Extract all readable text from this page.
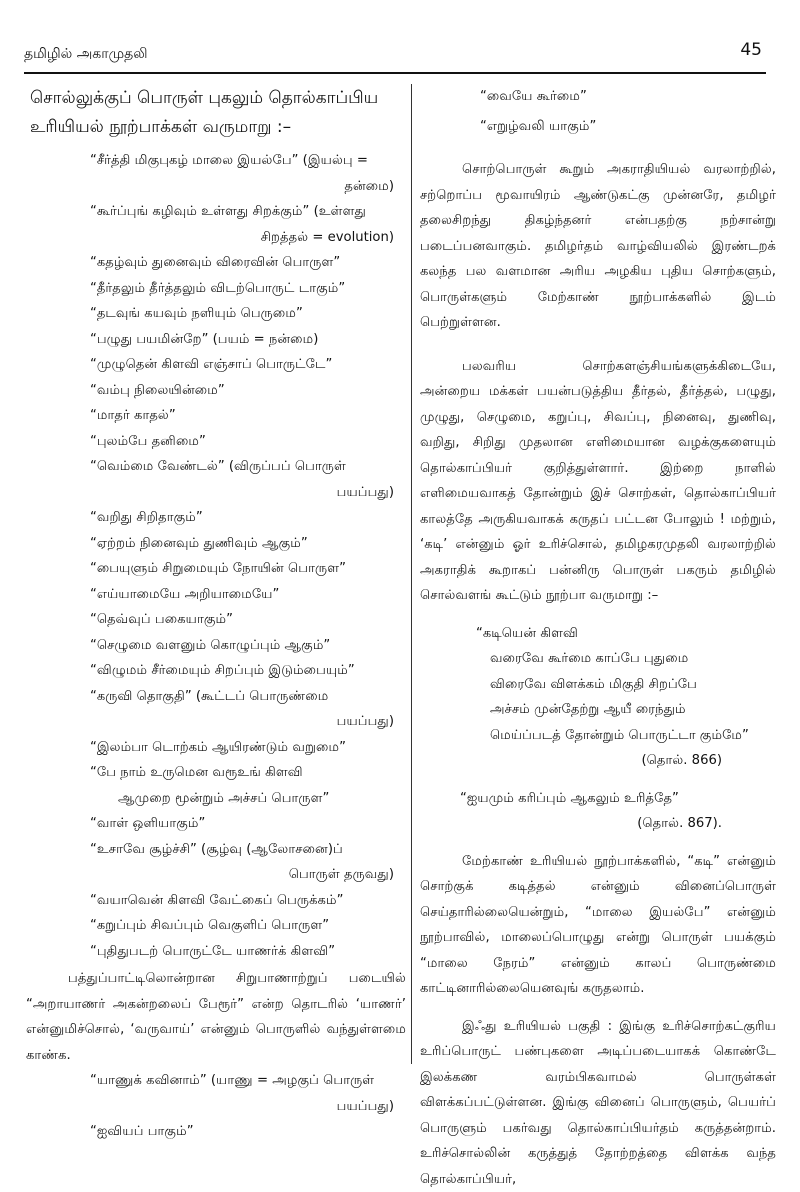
தமிழில் அகாமுதலி	45
சொல்லுக்குப் பொருள் புகலும் தொல்காப்பிய
உரியியல் நூற்பாக்கள் வருமாறு :–
“சீர்த்தி மிகுபுகழ் மாலை இயல்பே” (இயல்பு =
தன்மை)
“கூர்ப்புங் கழிவும் உள்ளது சிறக்கும்” (உள்ளது
சிறத்தல் = evolution)
“கதழ்வும் துனைவும் விரைவின் பொருள”
“தீர்தலும் தீர்த்தலும் விடற்பொருட் டாகும்”
“தடவுங் கயவும் நளியும் பெருமை”
“பழுது பயமின்றே” (பயம் = நன்மை)
“முழுதென் கிளவி எஞ்சாப் பொருட்டே”
“வம்பு நிலையின்மை”
“மாதர் காதல்”
“புலம்பே தனிமை”
“வெம்மை வேண்டல்” (விருப்பப் பொருள்
பயப்பது)
“வறிது சிறிதாகும்”
“ஏற்றம் நினைவும் துணிவும் ஆகும்”
“பையுளும் சிறுமையும் நோயின் பொருள”
“எய்யாமையே அறியாமையே”
“தெவ்வுப் பகையாகும்”
“செழுமை வளனும் கொழுப்பும் ஆகும்”
“விழுமம் சீர்மையும் சிறப்பும் இடும்பையும்”
“கருவி தொகுதி” (கூட்டப் பொருண்மை
பயப்பது)
“இலம்பா டொற்கம் ஆயிரண்டும் வறுமை”
“பே நாம் உருமென வரூஉங் கிளவி
ஆமுறை மூன்றும் அச்சப் பொருள”
“வாள் ஒளியாகும்”
“உசாவே சூழ்ச்சி” (சூழ்வு (ஆலோசனை)ப்
பொருள் தருவது)
“வயாவென் கிளவி வேட்கைப் பெருக்கம்”
“கறுப்பும் சிவப்பும் வெகுளிப் பொருள”
“புதிதுபடற் பொருட்டே யாணர்க் கிளவி”

பத்துப்பாட்டிலொன்றான சிறுபாணாற்றுப் படையில் “அறாயாணர் அகன்றலைப் பேரூர்” என்ற தொடரில் ‘யாணர்’ என்னுமிச்சொல், ‘வருவாய்’ என்னும் பொருளில் வந்துள்ளமை காண்க.

“யாணுக் கவினாம்” (யாணு = அழகுப் பொருள்
பயப்பது)
“ஐவியப் பாகும்”
“வையே கூர்மை”
“எறுழ்வலி யாகும்”

சொற்பொருள் கூறும் அகராதியியல் வரலாற்றில், சற்றொப்ப மூவாயிரம் ஆண்டுகட்கு முன்னரே, தமிழர் தலைசிறந்து திகழ்ந்தனர் என்பதற்கு நற்சான்று படைப்பனவாகும். தமிழர்தம் வாழ்வியலில் இரண்டறக் கலந்த பல வளமான அரிய அழகிய புதிய சொற்களும், பொருள்களும் மேற்காண் நூற்பாக்களில் இடம் பெற்றுள்ளன.

பலவரிய சொற்களஞ்சியங்களுக்கிடையே, அன்றைய மக்கள் பயன்படுத்திய தீர்தல், தீர்த்தல், பழுது, முழுது, செழுமை, கறுப்பு, சிவப்பு, நினைவு, துணிவு, வறிது, சிறிது முதலான எளிமையான வழக்குகளையும் தொல்காப்பியர் குறித்துள்ளார். இற்றை நாளில் எளிமையவாகத் தோன்றும் இச் சொற்கள், தொல்காப்பியர் காலத்தே அருகியவாகக் கருதப் பட்டன போலும் ! மற்றும், ‘கடி’ என்னும் ஓர் உரிச்சொல், தமிழகரமுதலி வரலாற்றில் அகராதிக் கூறாகப் பன்னிரு பொருள் பகரும் தமிழில் சொல்வளங் கூட்டும் நூற்பா வருமாறு :–

“கடியென் கிளவி
வரைவே கூர்மை காப்பே புதுமை
விரைவே விளக்கம் மிகுதி சிறப்பே
அச்சம் முன்தேற்று ஆயீ ரைந்தும்
மெய்ப்படத் தோன்றும் பொருட்டா கும்மே”

(தொல். 866)

“ஐயமும் கரிப்பும் ஆகலும் உரித்தே”

(தொல். 867).

மேற்காண் உரியியல் நூற்பாக்களில், “கடி” என்னும் சொற்குக் கடித்தல் என்னும் வினைப்பொருள் செய்தாரில்லையென்றும், “மாலை இயல்பே” என்னும் நூற்பாவில், மாலைப்பொழுது என்று பொருள் பயக்கும் “மாலை நேரம்” என்னும் காலப் பொருண்மை காட்டினாரில்லையெனவுங் கருதலாம்.

இஃது உரியியல் பகுதி : இங்கு உரிச்சொற்கட்குரிய உரிப்பொருட் பண்புகளை அடிப்படையாகக் கொண்டே இலக்கண வரம்பிகவாமல் பொருள்கள் விளக்கப்பட்டுள்ளன. இங்கு வினைப் பொருளும், பெயர்ப் பொருளும் பகர்வது தொல்காப்பியர்தம் கருத்தன்றாம். உரிச்சொல்லின் கருத்துத் தோற்றத்தை விளக்க வந்த தொல்காப்பியர்,
